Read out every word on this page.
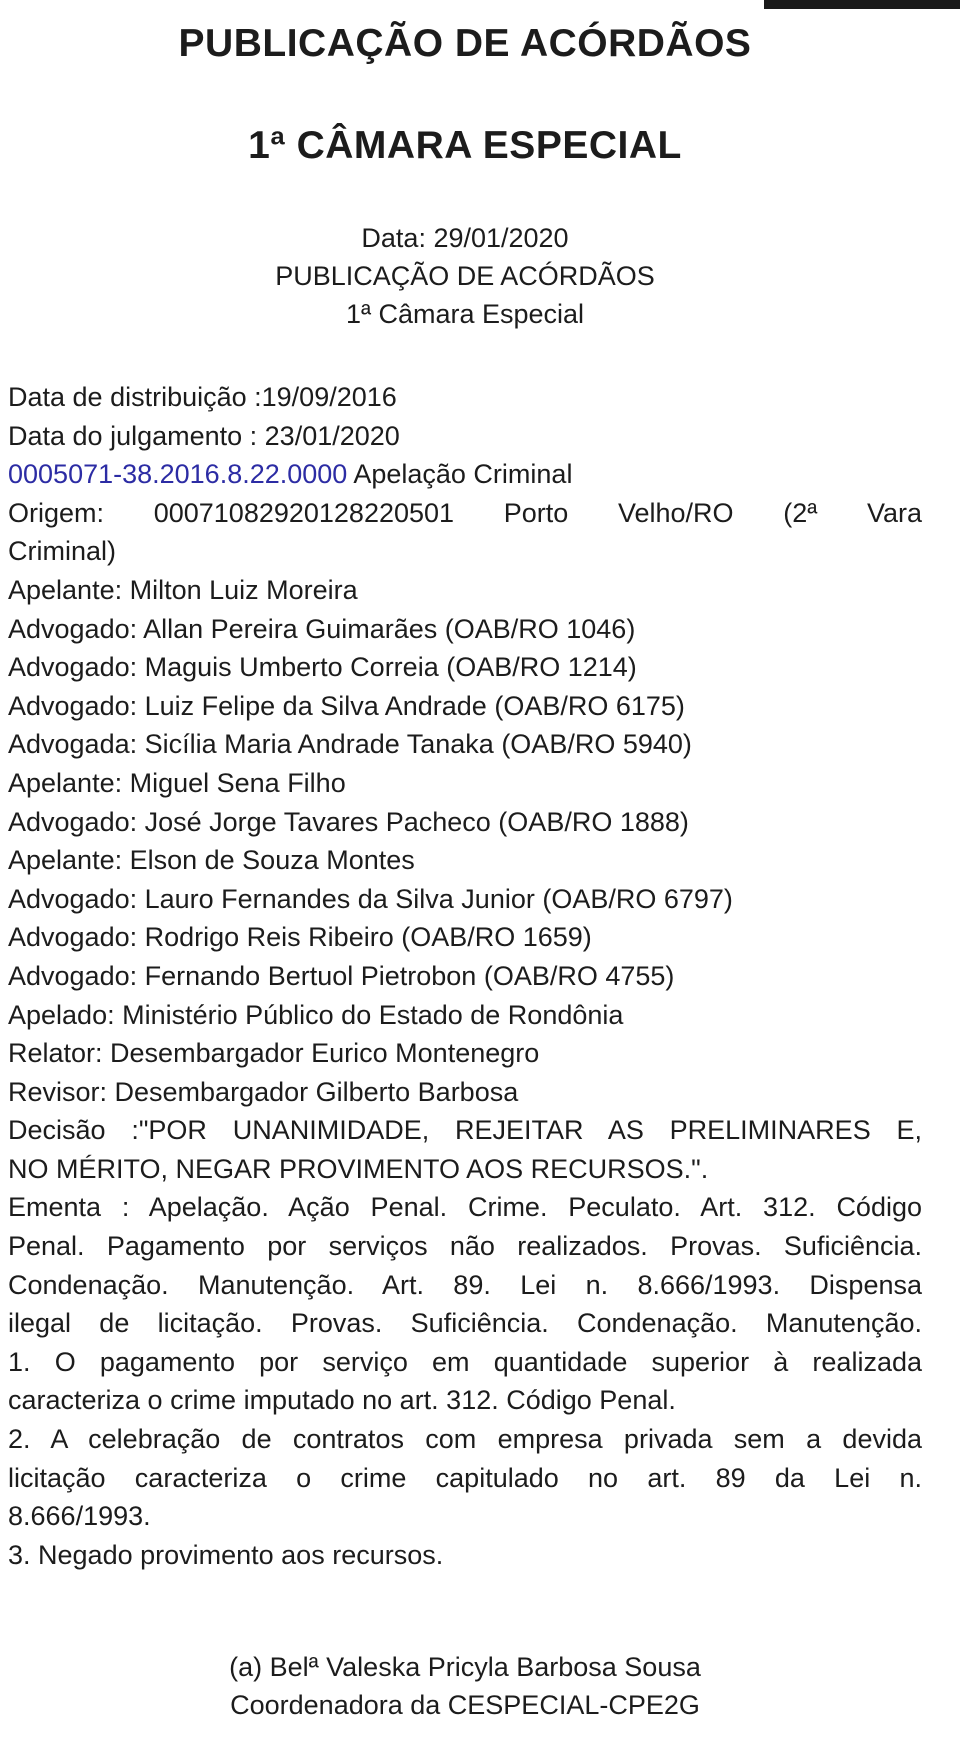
PUBLICAÇÃO DE ACÓRDÃOS
1ª CÂMARA ESPECIAL
Data: 29/01/2020
PUBLICAÇÃO DE ACÓRDÃOS
1ª Câmara Especial
Data de distribuição :19/09/2016
Data do julgamento : 23/01/2020
0005071-38.2016.8.22.0000 Apelação Criminal
Origem: 00071082920128220501 Porto Velho/RO (2ª Vara
Criminal)
Apelante: Milton Luiz Moreira
Advogado: Allan Pereira Guimarães (OAB/RO 1046)
Advogado: Maguis Umberto Correia (OAB/RO 1214)
Advogado: Luiz Felipe da Silva Andrade (OAB/RO 6175)
Advogada: Sicília Maria Andrade Tanaka (OAB/RO 5940)
Apelante: Miguel Sena Filho
Advogado: José Jorge Tavares Pacheco (OAB/RO 1888)
Apelante: Elson de Souza Montes
Advogado: Lauro Fernandes da Silva Junior (OAB/RO 6797)
Advogado: Rodrigo Reis Ribeiro (OAB/RO 1659)
Advogado: Fernando Bertuol Pietrobon (OAB/RO 4755)
Apelado: Ministério Público do Estado de Rondônia
Relator: Desembargador Eurico Montenegro
Revisor: Desembargador Gilberto Barbosa
Decisão :"POR UNANIMIDADE, REJEITAR AS PRELIMINARES E,
NO MÉRITO, NEGAR PROVIMENTO AOS RECURSOS.".
Ementa : Apelação. Ação Penal. Crime. Peculato. Art. 312. Código
Penal. Pagamento por serviços não realizados. Provas. Suficiência.
Condenação. Manutenção. Art. 89. Lei n. 8.666/1993. Dispensa
ilegal de licitação. Provas. Suficiência. Condenação. Manutenção.
1. O pagamento por serviço em quantidade superior à realizada
caracteriza o crime imputado no art. 312. Código Penal.
2. A celebração de contratos com empresa privada sem a devida
licitação caracteriza o crime capitulado no art. 89 da Lei n.
8.666/1993.
3. Negado provimento aos recursos.
(a) Belª Valeska Pricyla Barbosa Sousa
Coordenadora da CESPECIAL-CPE2G
